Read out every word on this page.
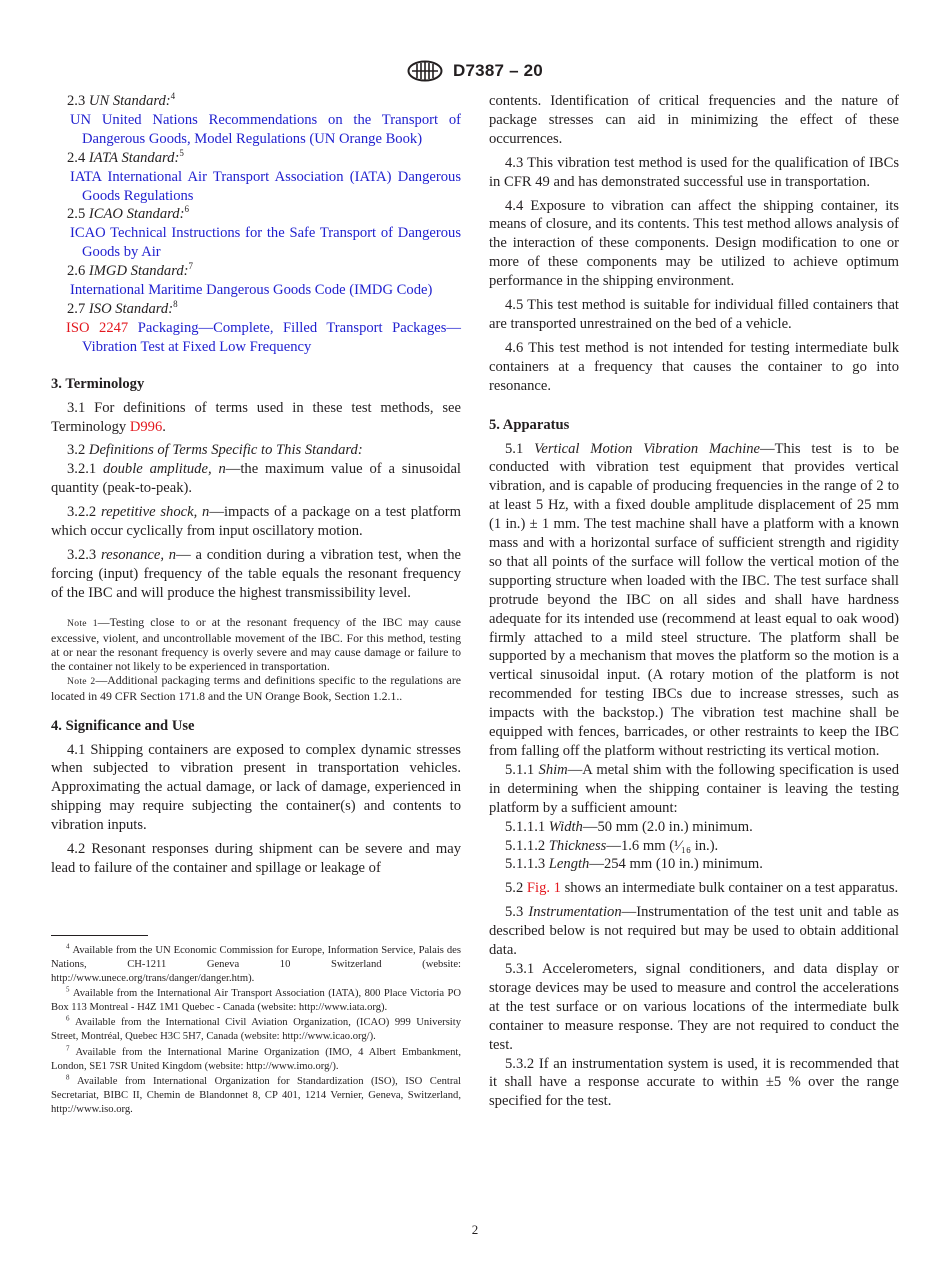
D7387 – 20

2.3 UN Standard:$^4$

UN United Nations Recommendations on the Transport of Dangerous Goods, Model Regulations (UN Orange Book)

2.4 IATA Standard:$^5$

IATA International Air Transport Association (IATA) Dangerous Goods Regulations

2.5 ICAO Standard:$^6$

ICAO Technical Instructions for the Safe Transport of Dangerous Goods by Air

2.6 IMGD Standard:$^7$

International Maritime Dangerous Goods Code (IMDG Code)

2.7 ISO Standard:$^8$

ISO 2247 Packaging—Complete, Filled Transport Packages—Vibration Test at Fixed Low Frequency

3. Terminology

3.1 For definitions of terms used in these test methods, see Terminology D996.

3.2 Definitions of Terms Specific to This Standard:

3.2.1 double amplitude, n—the maximum value of a sinusoidal quantity (peak-to-peak).

3.2.2 repetitive shock, n—impacts of a package on a test platform which occur cyclically from input oscillatory motion.

3.2.3 resonance, n— a condition during a vibration test, when the forcing (input) frequency of the table equals the resonant frequency of the IBC and will produce the highest transmissibility level.

Note 1—Testing close to or at the resonant frequency of the IBC may cause excessive, violent, and uncontrollable movement of the IBC. For this method, testing at or near the resonant frequency is overly severe and may cause damage or failure to the container not likely to be experienced in transportation.

Note 2—Additional packaging terms and definitions specific to the regulations are located in 49 CFR Section 171.8 and the UN Orange Book, Section 1.2.1..

4. Significance and Use

4.1 Shipping containers are exposed to complex dynamic stresses when subjected to vibration present in transportation vehicles. Approximating the actual damage, or lack of damage, experienced in shipping may require subjecting the container(s) and contents to vibration inputs.

4.2 Resonant responses during shipment can be severe and may lead to failure of the container and spillage or leakage of

$^4$ Available from the UN Economic Commission for Europe, Information Service, Palais des Nations, CH-1211 Geneva 10 Switzerland (website: http://www.unece.org/trans/danger/danger.htm).

$^5$ Available from the International Air Transport Association (IATA), 800 Place Victoria PO Box 113 Montreal - H4Z 1M1 Quebec - Canada (website: http://www.iata.org).

$^6$ Available from the International Civil Aviation Organization, (ICAO) 999 University Street, Montréal, Quebec H3C 5H7, Canada (website: http://www.icao.org/).

$^7$ Available from the International Marine Organization (IMO, 4 Albert Embankment, London, SE1 7SR United Kingdom (website: http://www.imo.org/).

$^8$ Available from International Organization for Standardization (ISO), ISO Central Secretariat, BIBC II, Chemin de Blandonnet 8, CP 401, 1214 Vernier, Geneva, Switzerland, http://www.iso.org.

contents. Identification of critical frequencies and the nature of package stresses can aid in minimizing the effect of these occurrences.

4.3 This vibration test method is used for the qualification of IBCs in CFR 49 and has demonstrated successful use in transportation.

4.4 Exposure to vibration can affect the shipping container, its means of closure, and its contents. This test method allows analysis of the interaction of these components. Design modification to one or more of these components may be utilized to achieve optimum performance in the shipping environment.

4.5 This test method is suitable for individual filled containers that are transported unrestrained on the bed of a vehicle.

4.6 This test method is not intended for testing intermediate bulk containers at a frequency that causes the container to go into resonance.

5. Apparatus

5.1 Vertical Motion Vibration Machine—This test is to be conducted with vibration test equipment that provides vertical vibration, and is capable of producing frequencies in the range of 2 to at least 5 Hz, with a fixed double amplitude displacement of 25 mm (1 in.) ± 1 mm. The test machine shall have a platform with a known mass and with a horizontal surface of sufficient strength and rigidity so that all points of the surface will follow the vertical motion of the supporting structure when loaded with the IBC. The test surface shall protrude beyond the IBC on all sides and shall have hardness adequate for its intended use (recommend at least equal to oak wood) firmly attached to a mild steel structure. The platform shall be supported by a mechanism that moves the platform so the motion is a vertical sinusoidal input. (A rotary motion of the platform is not recommended for testing IBCs due to increase stresses, such as impacts with the backstop.) The vibration test machine shall be equipped with fences, barricades, or other restraints to keep the IBC from falling off the platform without restricting its vertical motion.

5.1.1 Shim—A metal shim with the following specification is used in determining when the shipping container is leaving the testing platform by a sufficient amount:

5.1.1.1 Width—50 mm (2.0 in.) minimum.

5.1.1.2 Thickness—1.6 mm (¹⁄₁₆ in.).

5.1.1.3 Length—254 mm (10 in.) minimum.

5.2 Fig. 1 shows an intermediate bulk container on a test apparatus.

5.3 Instrumentation—Instrumentation of the test unit and table as described below is not required but may be used to obtain additional data.

5.3.1 Accelerometers, signal conditioners, and data display or storage devices may be used to measure and control the accelerations at the test surface or on various locations of the intermediate bulk container to measure response. They are not required to conduct the test.

5.3.2 If an instrumentation system is used, it is recommended that it shall have a response accurate to within ±5 % over the range specified for the test.

2
